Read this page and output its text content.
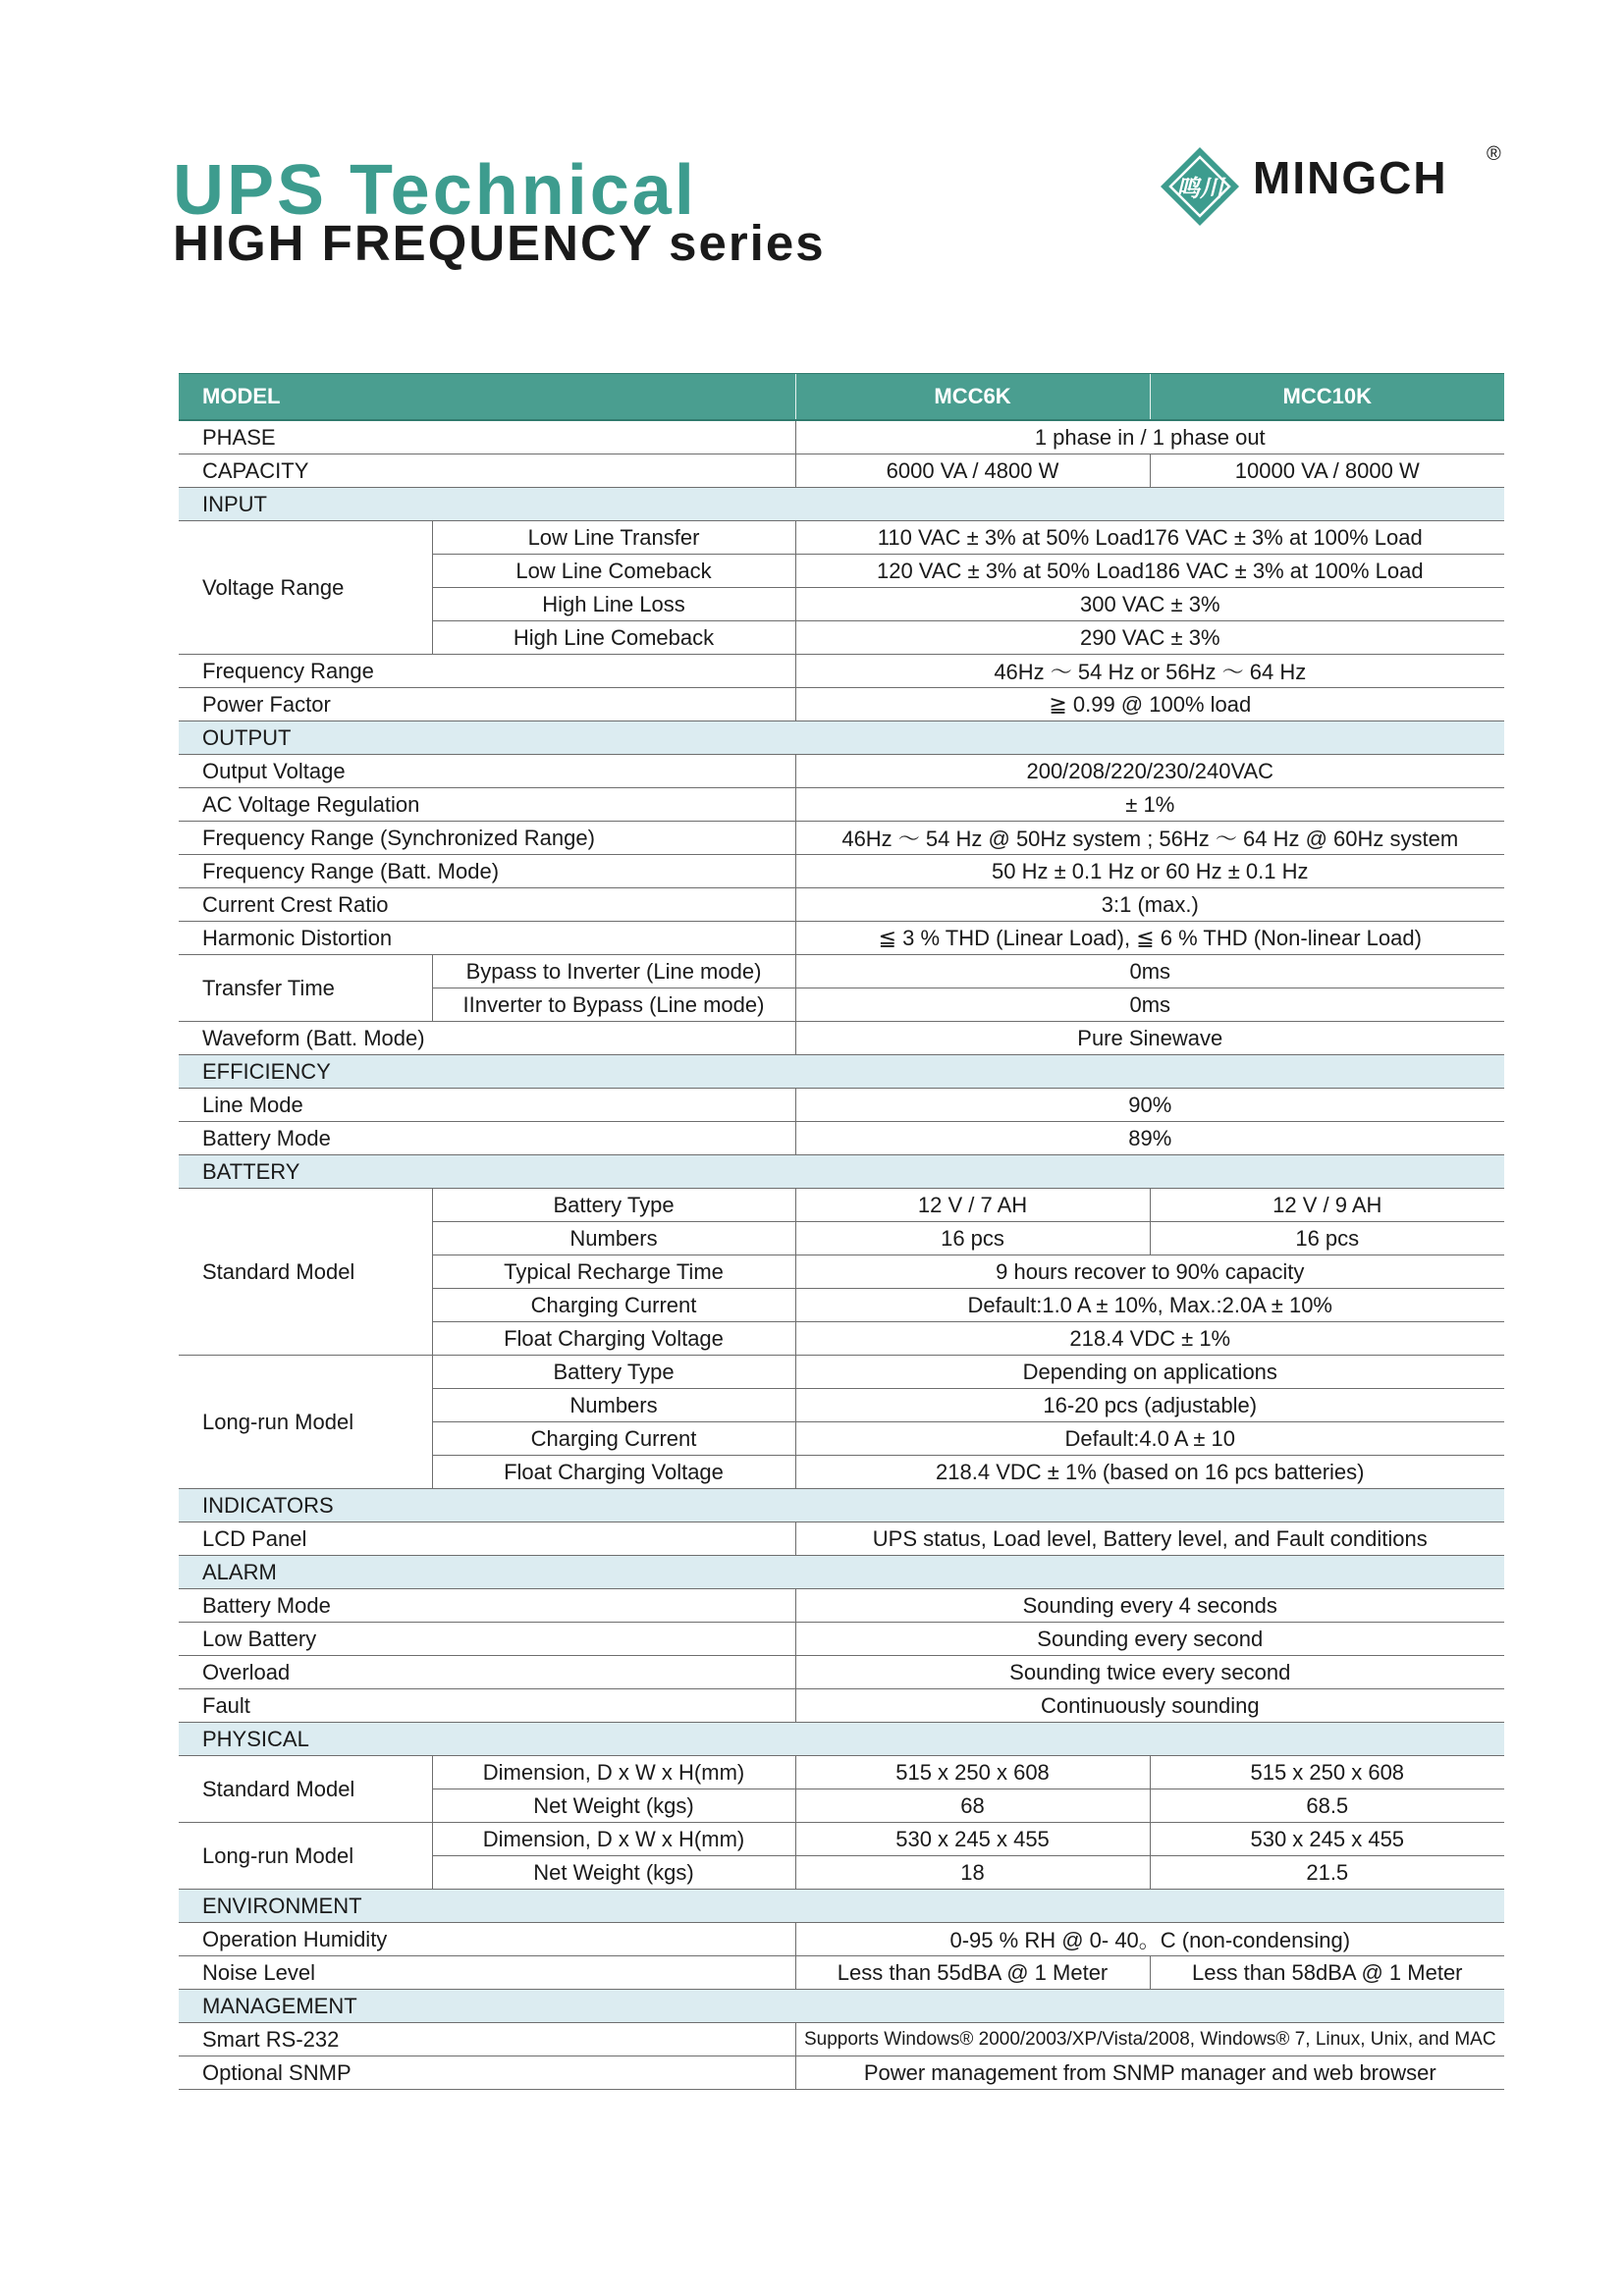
UPS Technical
HIGH FREQUENCY series
鸣川 MINGCH ®
MODEL		MCC6K	MCC10K
PHASE		1 phase in / 1 phase out	
CAPACITY		6000 VA / 4800 W	10000 VA / 8000 W
INPUT			
Voltage Range	Low Line Transfer	110 VAC ± 3% at 50% Load176 VAC ± 3% at 100% Load	
	Low Line Comeback	120 VAC ± 3% at 50% Load186 VAC ± 3% at 100% Load	
	High Line Loss	300 VAC ± 3%	
	High Line Comeback	290 VAC ± 3%	
Frequency Range		46Hz ～ 54 Hz or 56Hz ～ 64 Hz	
Power Factor		≧ 0.99 @ 100% load	
OUTPUT			
Output Voltage		200/208/220/230/240VAC	
AC Voltage Regulation		± 1%	
Frequency Range (Synchronized Range)		46Hz ～ 54 Hz @ 50Hz system ; 56Hz ～ 64 Hz @ 60Hz system	
Frequency Range (Batt. Mode)		50 Hz ± 0.1 Hz or 60 Hz ± 0.1 Hz	
Current Crest Ratio		3:1 (max.)	
Harmonic Distortion		≦ 3 % THD (Linear Load), ≦ 6 % THD (Non-linear Load)	
Transfer Time	Bypass to Inverter (Line mode)	0ms	
	IInverter to Bypass (Line mode)	0ms	
Waveform (Batt. Mode)		Pure Sinewave	
EFFICIENCY			
Line Mode		90%	
Battery Mode		89%	
BATTERY			
Standard Model	Battery Type	12 V / 7 AH	12 V / 9 AH
	Numbers	16 pcs	16 pcs
	Typical Recharge Time	9 hours recover to 90% capacity	
	Charging Current	Default:1.0 A ± 10%, Max.:2.0A ± 10%	
	Float Charging Voltage	218.4 VDC ± 1%	
Long-run Model	Battery Type	Depending on applications	
	Numbers	16-20 pcs (adjustable)	
	Charging Current	Default:4.0 A ± 10	
	Float Charging Voltage	218.4 VDC ± 1% (based on 16 pcs batteries)	
INDICATORS			
LCD Panel		UPS status, Load level, Battery level, and Fault conditions	
ALARM			
Battery Mode		Sounding every 4 seconds	
Low Battery		Sounding every second	
Overload		Sounding twice every second	
Fault		Continuously sounding	
PHYSICAL			
Standard Model	Dimension, D x W x H(mm)	515 x 250 x 608	515 x 250 x 608
	Net Weight (kgs)	68	68.5
Long-run Model	Dimension, D x W x H(mm)	530 x 245 x 455	530 x 245 x 455
	Net Weight (kgs)	18	21.5
ENVIRONMENT			
Operation Humidity		0-95 % RH @ 0- 40。C (non-condensing)	
Noise Level		Less than 55dBA @ 1 Meter	Less than 58dBA @ 1 Meter
MANAGEMENT			
Smart RS-232		Supports Windows® 2000/2003/XP/Vista/2008, Windows® 7, Linux, Unix, and MAC	
Optional SNMP		Power management from SNMP manager and web browser	
